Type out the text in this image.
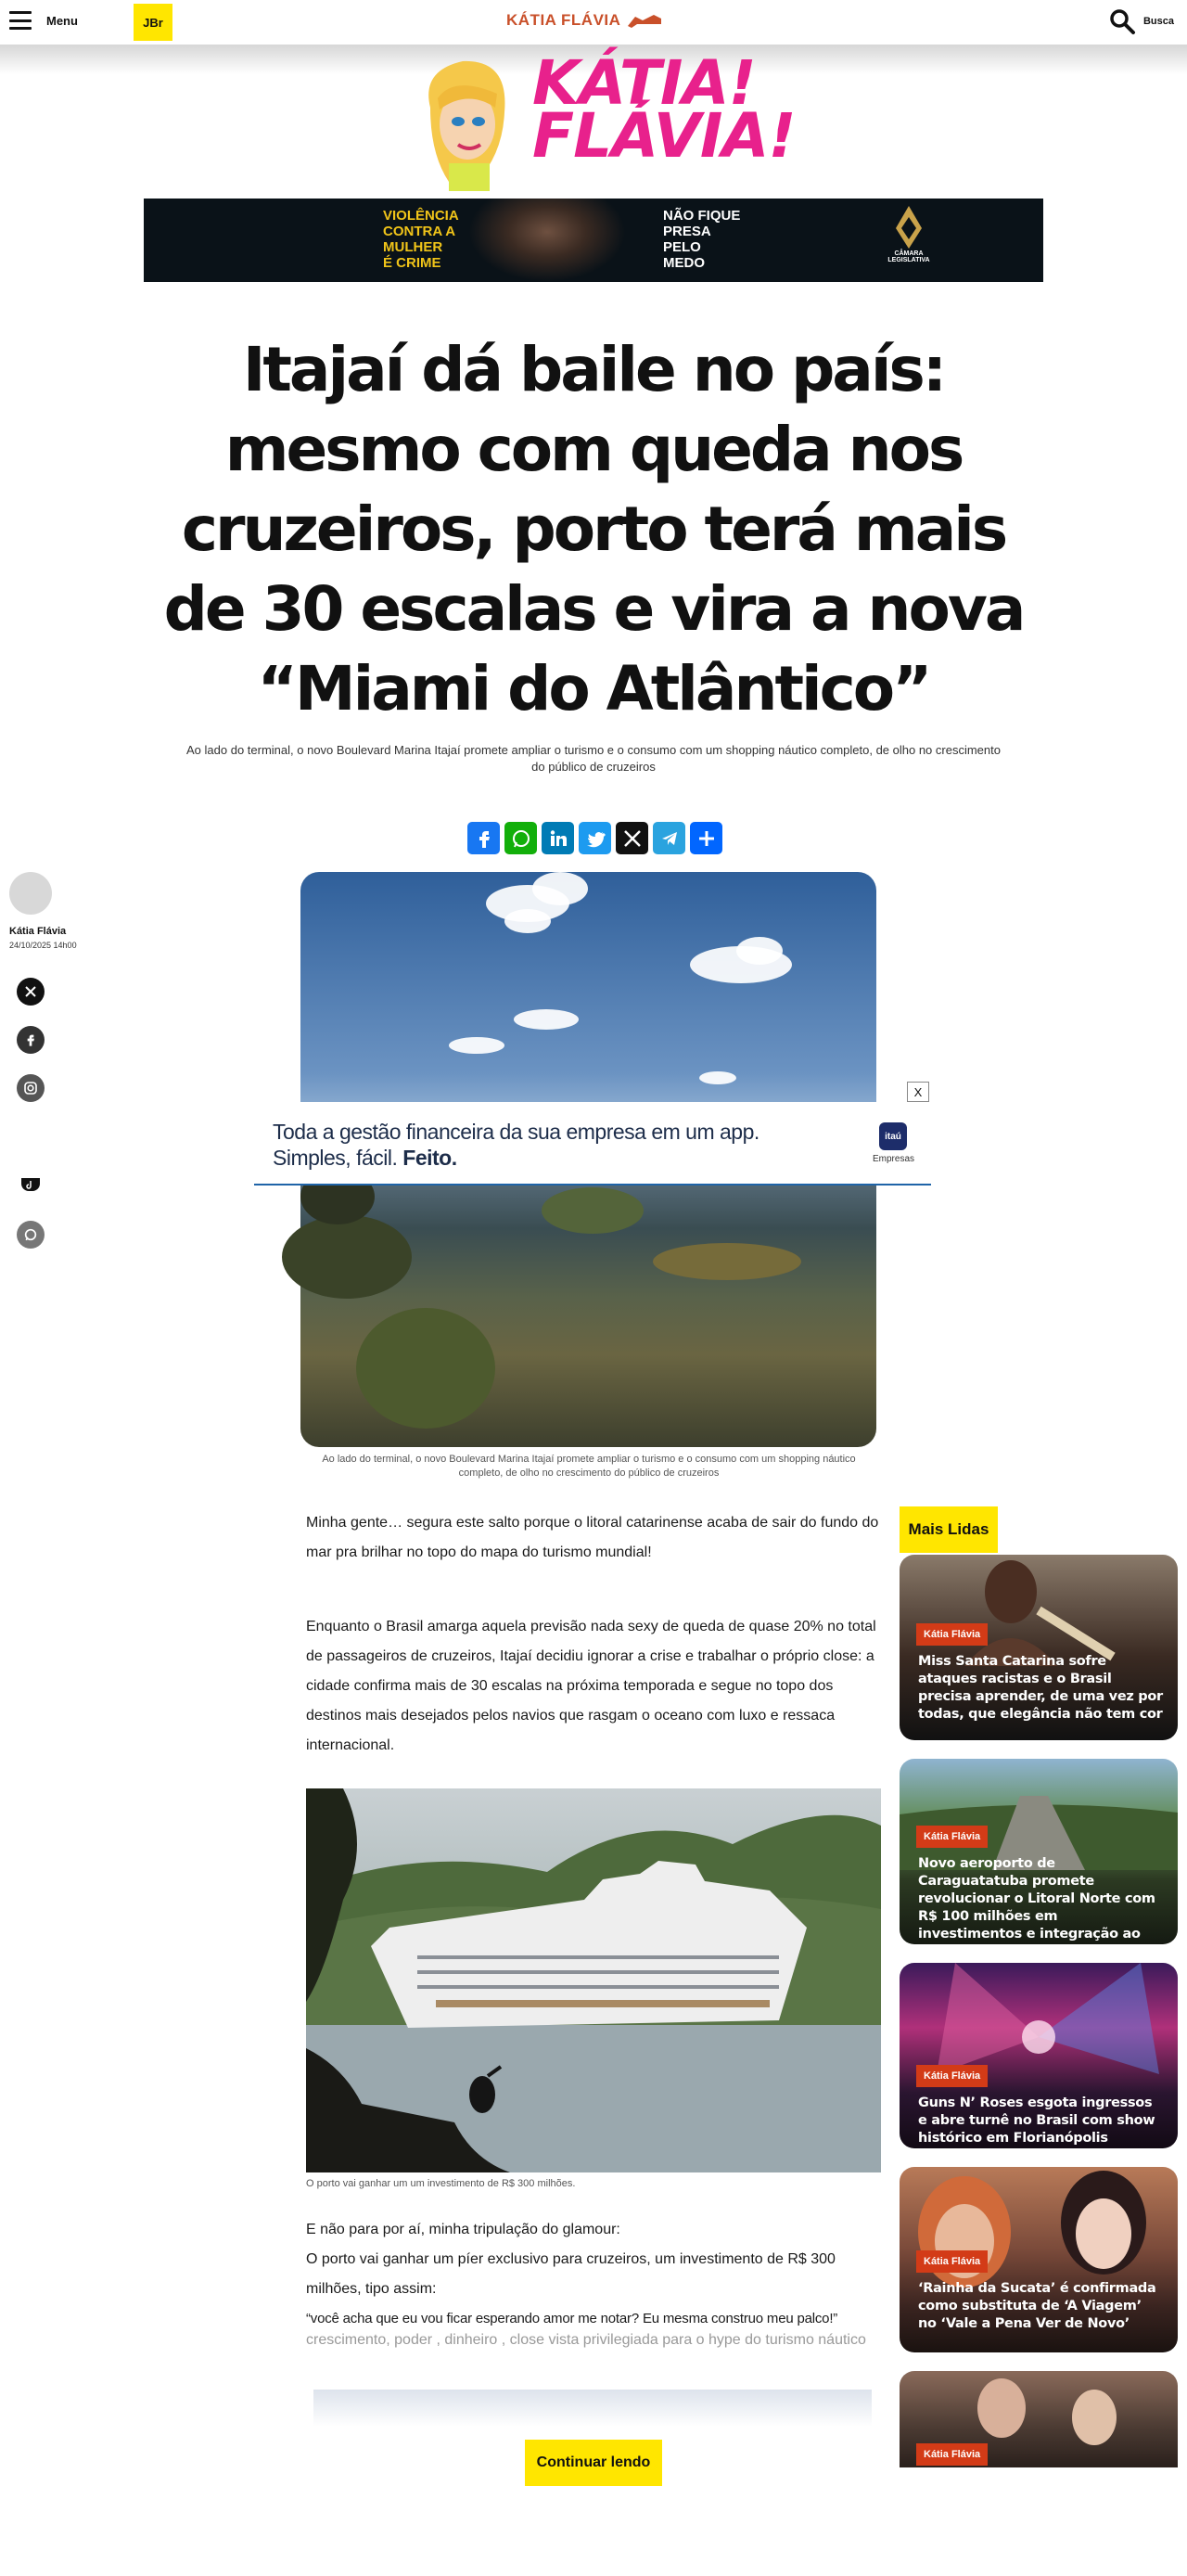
Menu	JBr	KÁTIA FLÁVIA	Busca
KÁTIA!
FLÁVIA!
VIOLÊNCIA
CONTRA A
MULHER
É CRIME
NÃO FIQUE
PRESA
PELO
MEDO
CÂMARA LEGISLATIVA
Itajaí dá baile no país: mesmo com queda nos cruzeiros, porto terá mais de 30 escalas e vira a nova “Miami do Atlântico”

Ao lado do terminal, o novo Boulevard Marina Itajaí promete ampliar o turismo e o consumo com um shopping náutico completo, de olho no crescimento do público de cruzeiros

Kátia Flávia
24/10/2025 14h00

Ao lado do terminal, o novo Boulevard Marina Itajaí promete ampliar o turismo e o consumo com um shopping náutico completo, de olho no crescimento do público de cruzeiros

X
Toda a gestão financeira da sua empresa em um app.
Simples, fácil. Feito.
itaú
Empresas

Minha gente… segura este salto porque o litoral catarinense acaba de sair do fundo do mar pra brilhar no topo do mapa do turismo mundial!

Enquanto o Brasil amarga aquela previsão nada sexy de queda de quase 20% no total de passageiros de cruzeiros, Itajaí decidiu ignorar a crise e trabalhar o próprio close: a cidade confirma mais de 30 escalas na próxima temporada e segue no topo dos destinos mais desejados pelos navios que rasgam o oceano com luxo e ressaca internacional.

O porto vai ganhar um um investimento de R$ 300 milhões.

E não para por aí, minha tripulação do glamour:
O porto vai ganhar um píer exclusivo para cruzeiros, um investimento de R$ 300 milhões, tipo assim:
“você acha que eu vou ficar esperando amor me notar? Eu mesma construo meu palco!”
crescimento, poder , dinheiro , close vista privilegiada para o hype do turismo náutico
Continuar lendo
Mais Lidas
Kátia Flávia
Miss Santa Catarina sofre ataques racistas e o Brasil precisa aprender, de uma vez por todas, que elegância não tem cor
Kátia Flávia
Novo aeroporto de Caraguatatuba promete revolucionar o Litoral Norte com R$ 100 milhões em investimentos e integração ao Porto de São Sebastião
Kátia Flávia
Guns N’ Roses esgota ingressos e abre turnê no Brasil com show histórico em Florianópolis
Kátia Flávia
‘Rainha da Sucata’ é confirmada como substituta de ‘A Viagem’ no ‘Vale a Pena Ver de Novo’
Kátia Flávia
